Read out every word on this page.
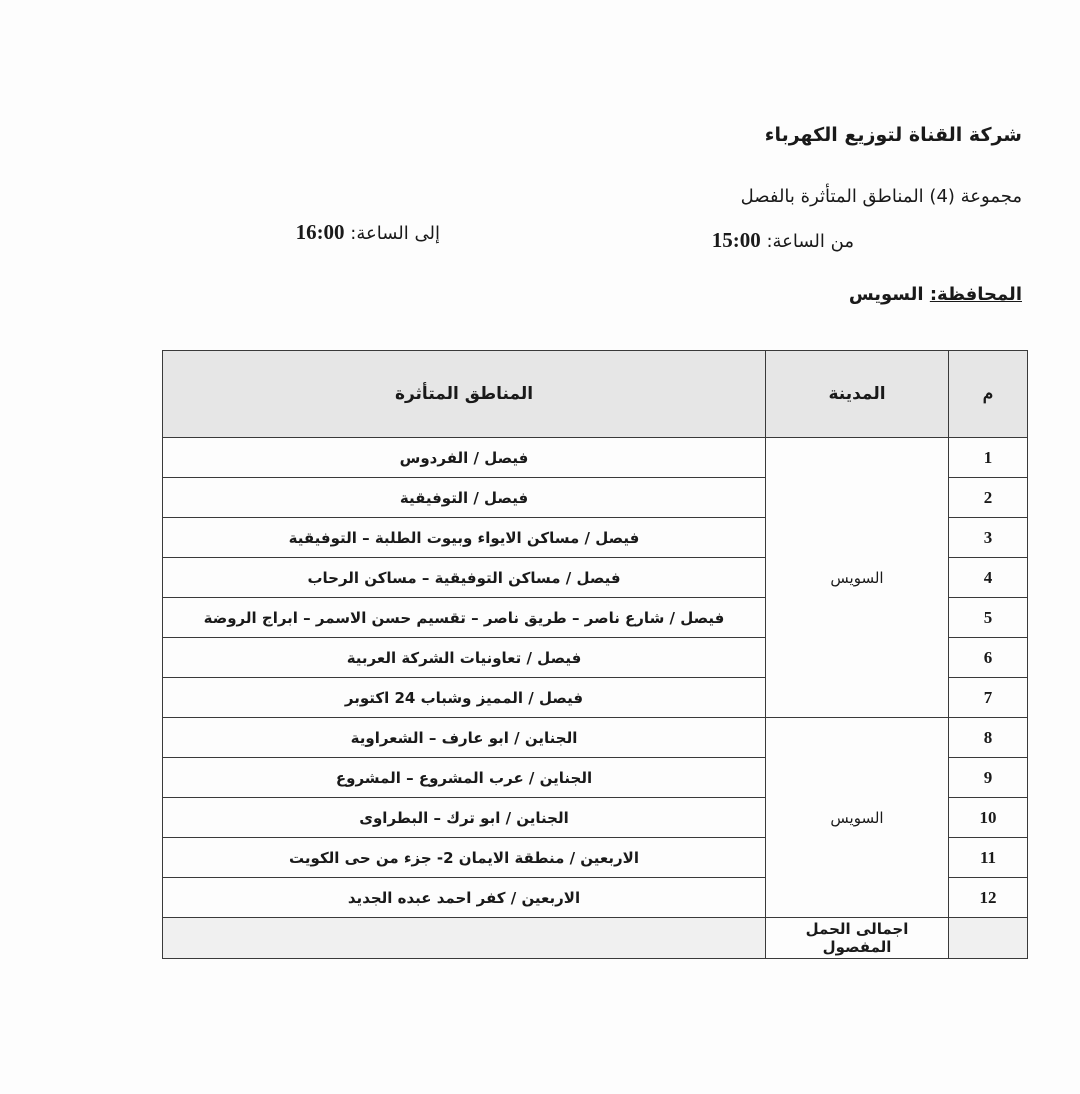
شركة القناة لتوزيع الكهرباء
مجموعة (4) المناطق المتأثرة بالفصل
من الساعة: 15:00
إلى الساعة: 16:00
المحافظة: السويس
م	المدينة	المناطق المتأثرة
1	السويس	فيصل / الفردوس
2		فيصل / التوفيقية
3		فيصل / مساكن الايواء وبيوت الطلبة – التوفيقية
4		فيصل / مساكن التوفيقية – مساكن الرحاب
5		فيصل / شارع ناصر – طريق ناصر – تقسيم حسن الاسمر – ابراج الروضة
6		فيصل / تعاونيات الشركة العربية
7		فيصل / المميز وشباب 24 اكتوبر
8	السويس	الجناين / ابو عارف – الشعراوية
9		الجناين / عرب المشروع – المشروع
10		الجناين / ابو ترك – البطراوى
11		الاربعين / منطقة الايمان 2- جزء من حى الكويت
12		الاربعين / كفر احمد عبده الجديد
	اجمالى الحمل المفصول	
